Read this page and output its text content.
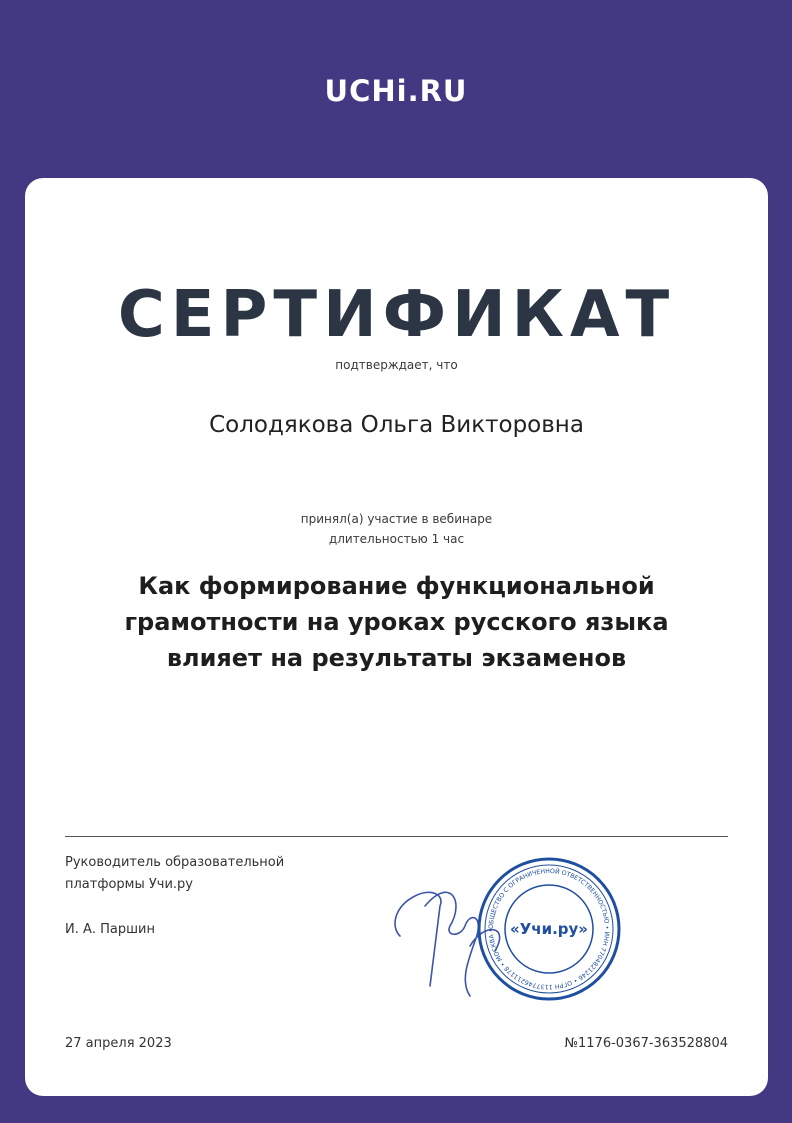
UCHi.RU
СЕРТИФИКАТ
подтверждает, что
Солодякова Ольга Викторовна
принял(а) участие в вебинаре
длительностью 1 час
Как формирование функциональной
грамотности на уроках русского языка
влияет на результаты экзаменов
Руководитель образовательной
платформы Учи.ру
И. А. Паршин	ОБЩЕСТВО С ОГРАНИЧЕННОЙ ОТВЕТСТВЕННОСТЬЮ • ИНН 7704821246 • ОГРН 1137746211178 • МОСКВА • «Учи.ру»
27 апреля 2023	№1176-0367-363528804
